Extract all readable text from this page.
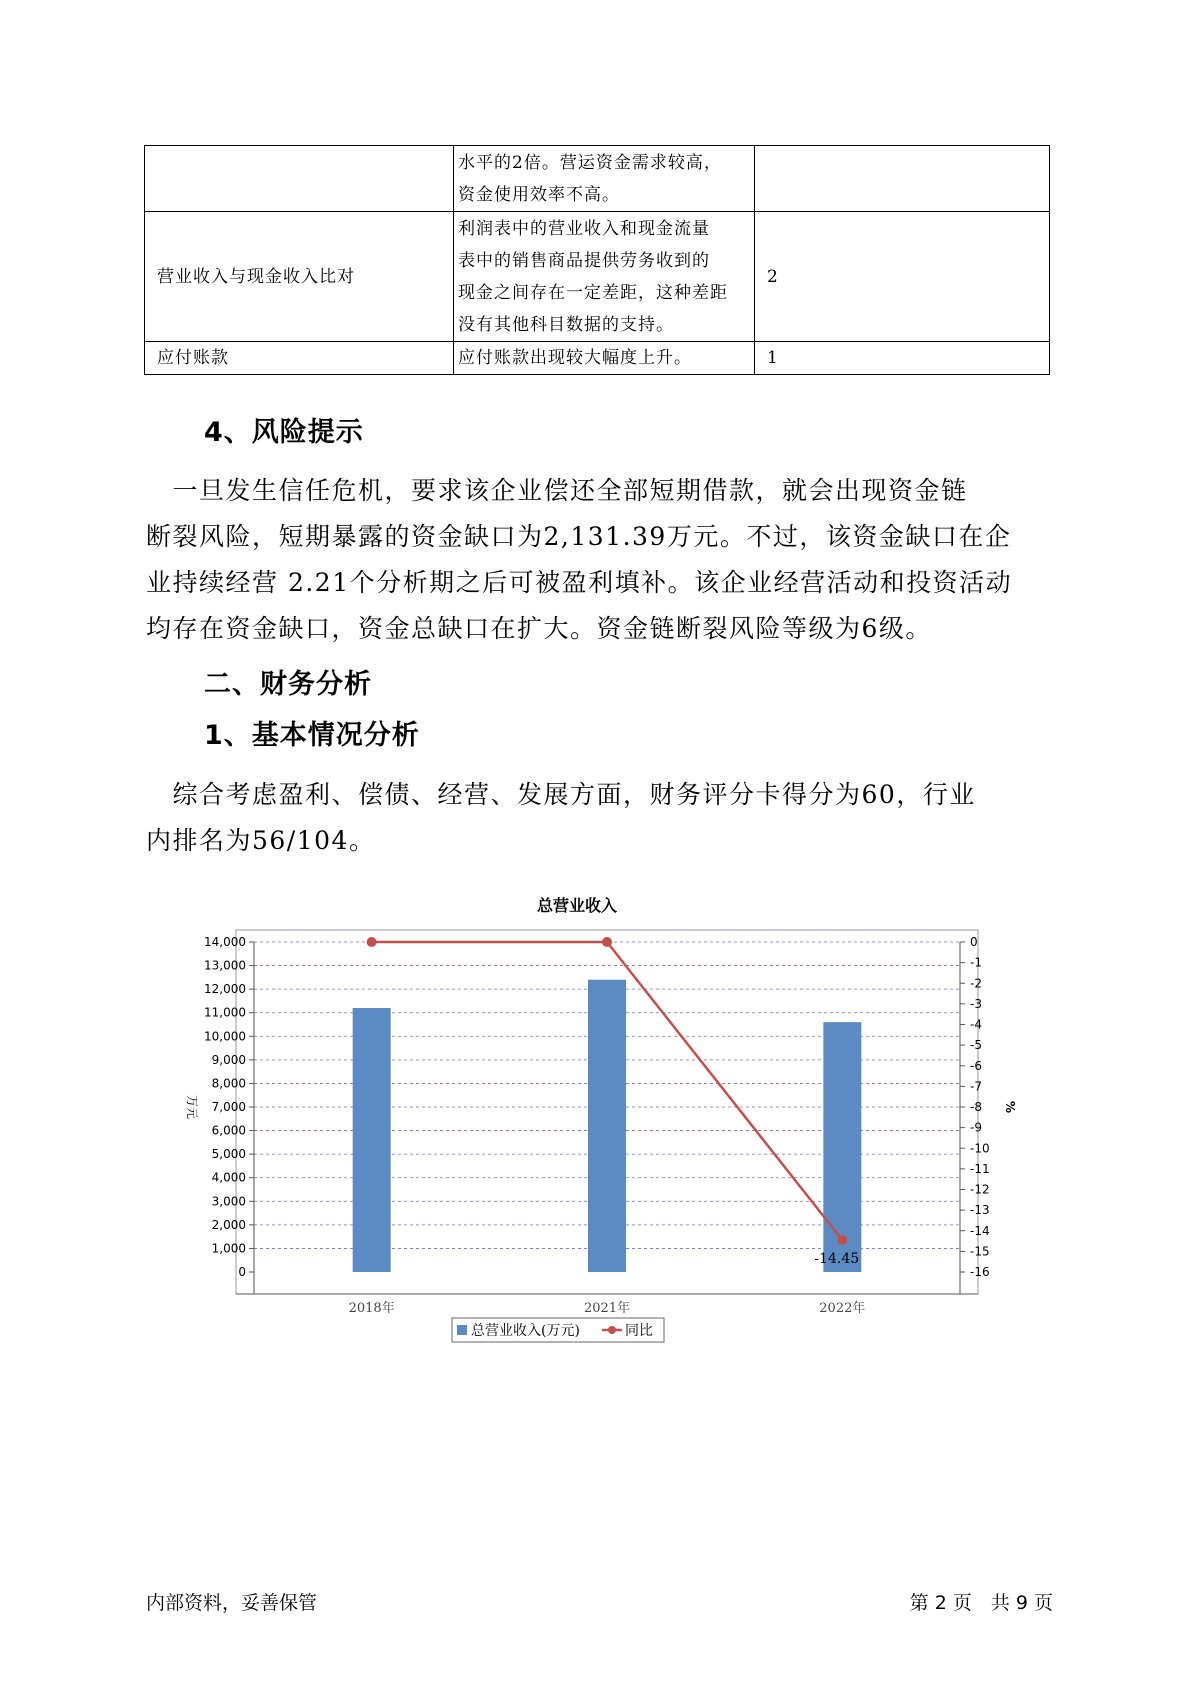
	水平的2倍。营运资金需求较高，
资金使用效率不高。	

营业收入与现金收入比对	利润表中的营业收入和现金流量
表中的销售商品提供劳务收到的
现金之间存在一定差距，这种差距
没有其他科目数据的支持。	2
应付账款	应付账款出现较大幅度上升。	1
4、风险提示
　一旦发生信任危机，要求该企业偿还全部短期借款，就会出现资金链
断裂风险，短期暴露的资金缺口为2,131.39万元。不过，该资金缺口在企
业持续经营 2.21个分析期之后可被盈利填补。该企业经营活动和投资活动
均存在资金缺口，资金总缺口在扩大。资金链断裂风险等级为6级。
二、财务分析
1、基本情况分析
　综合考虑盈利、偿债、经营、发展方面，财务评分卡得分为60，行业
内排名为56/104。
总营业收入
0
1,000
2,000
3,000
4,000
5,000
6,000
7,000
8,000
9,000
10,000
11,000
12,000
13,000
14,000	0
-1
-2
-3
-4
-5
-6
-7
-8
-9
-10
-11
-12
-13
-14
-15
-16
万元	%
2018年	2021年	2022年
-14.45
总营业收入(万元)	同比
内部资料，妥善保管	第 2 页　共 9 页
